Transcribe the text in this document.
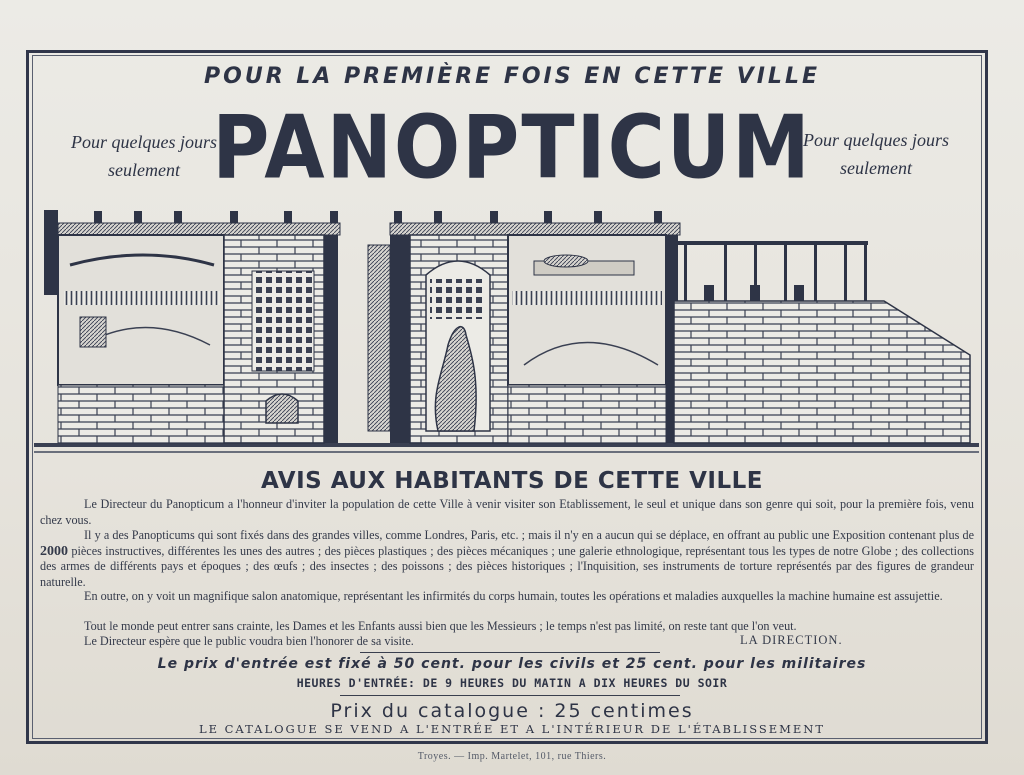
POUR LA PREMIÈRE FOIS EN CETTE VILLE
Pour quelques jours
seulement
Pour quelques jours
seulement
PANOPTICUM
AVIS AUX HABITANTS DE CETTE VILLE
Le Directeur du Panopticum a l'honneur d'inviter la population de cette Ville à venir visiter son Etablissement, le seul et unique dans son genre qui soit, pour la première fois, venu chez vous.
Il y a des Panopticums qui sont fixés dans des grandes villes, comme Londres, Paris, etc. ; mais il n'y en a aucun qui se déplace, en offrant au public une Exposition contenant plus de 2000 pièces instructives, différentes les unes des autres ; des pièces plastiques ; des pièces mécaniques ; une galerie ethnologique, représentant tous les types de notre Globe ; des collections des armes de différents pays et époques ; des œufs ; des insectes ; des poissons ; des pièces historiques ; l'Inquisition, ses instruments de torture représentés par des figures de grandeur naturelle.
En outre, on y voit un magnifique salon anatomique, représentant les infirmités du corps humain, toutes les opérations et maladies auxquelles la machine humaine est assujettie.
Tout le monde peut entrer sans crainte, les Dames et les Enfants aussi bien que les Messieurs ; le temps n'est pas limité, on reste tant que l'on veut.
Le Directeur espère que le public voudra bien l'honorer de sa visite.	LA DIRECTION.
Le prix d'entrée est fixé à 50 cent. pour les civils et 25 cent. pour les militaires
HEURES D'ENTRÉE: DE 9 HEURES DU MATIN A DIX HEURES DU SOIR
Prix du catalogue : 25 centimes
LE CATALOGUE SE VEND A L'ENTRÉE ET A L'INTÉRIEUR DE L'ÉTABLISSEMENT
Troyes. — Imp. Martelet, 101, rue Thiers.
